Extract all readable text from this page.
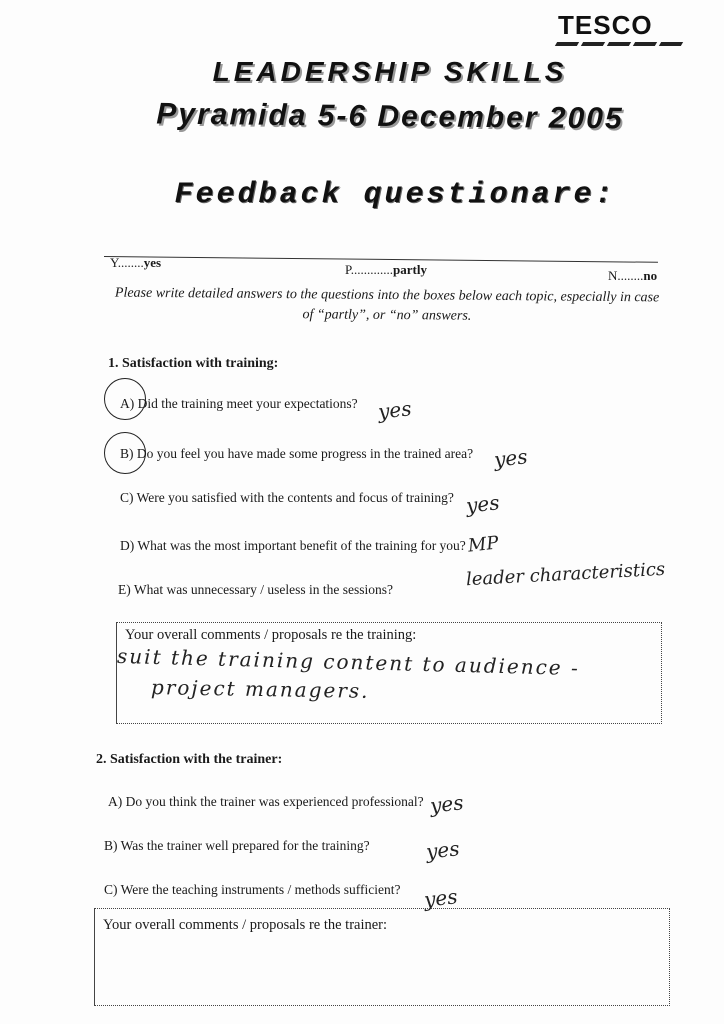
TESCO
LEADERSHIP SKILLS
Pyramida 5-6 December 2005
Feedback questionare:
Y........yes	P.............partly	N........no
Please write detailed answers to the questions into the boxes below each topic, especially in case of “partly”, or “no” answers.
1. Satisfaction with training:
A) Did the training meet your expectations? yes
B) Do you feel you have made some progress in the trained area? yes
C) Were you satisfied with the contents and focus of training? yes
D) What was the most important benefit of the training for you? MP
E) What was unnecessary / useless in the sessions?	leader characteristics
Your overall comments / proposals re the training:
suit the training content to audience -
project managers.
2. Satisfaction with the trainer:
A) Do you think the trainer was experienced professional? yes
B) Was the trainer well prepared for the training?	yes
C) Were the teaching instruments / methods sufficient? yes
Your overall comments / proposals re the trainer:
